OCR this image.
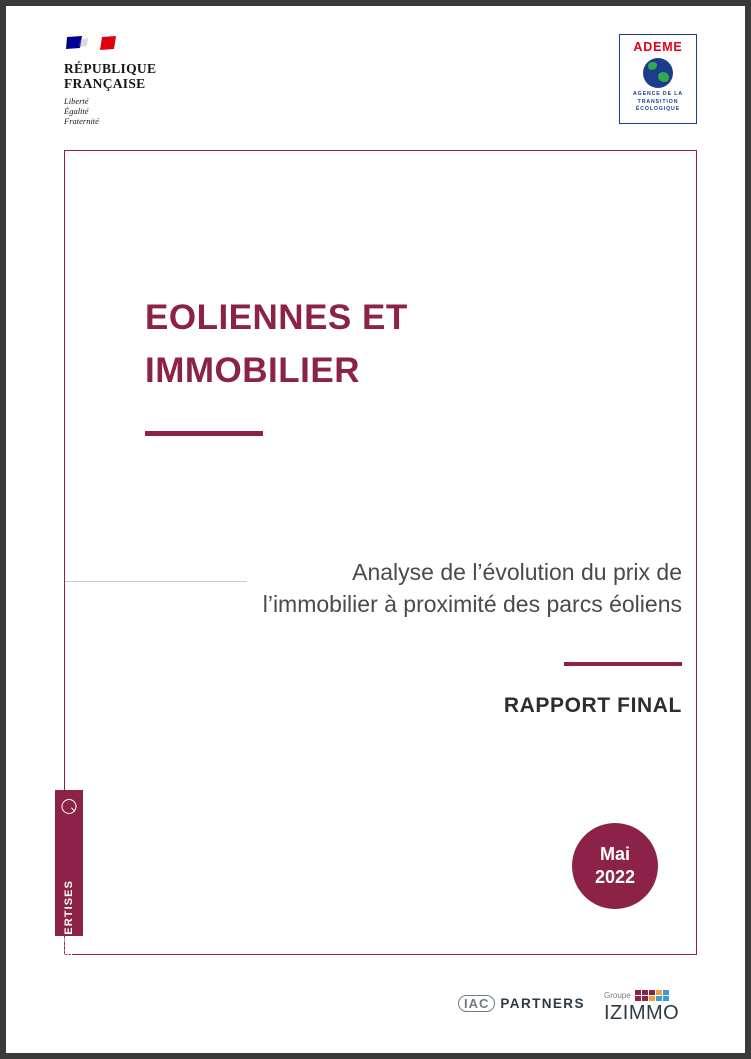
RÉPUBLIQUE
FRANÇAISE
Liberté
Égalité
Fraternité
ADEME
AGENCE DE LA
TRANSITION
ÉCOLOGIQUE
EOLIENNES ET
IMMOBILIER
Analyse de l’évolution du prix de l’immobilier à proximité des parcs éoliens
RAPPORT FINAL
EXPERTISES
Mai
2022
IAC PARTNERS
Groupe
IZIMMO
